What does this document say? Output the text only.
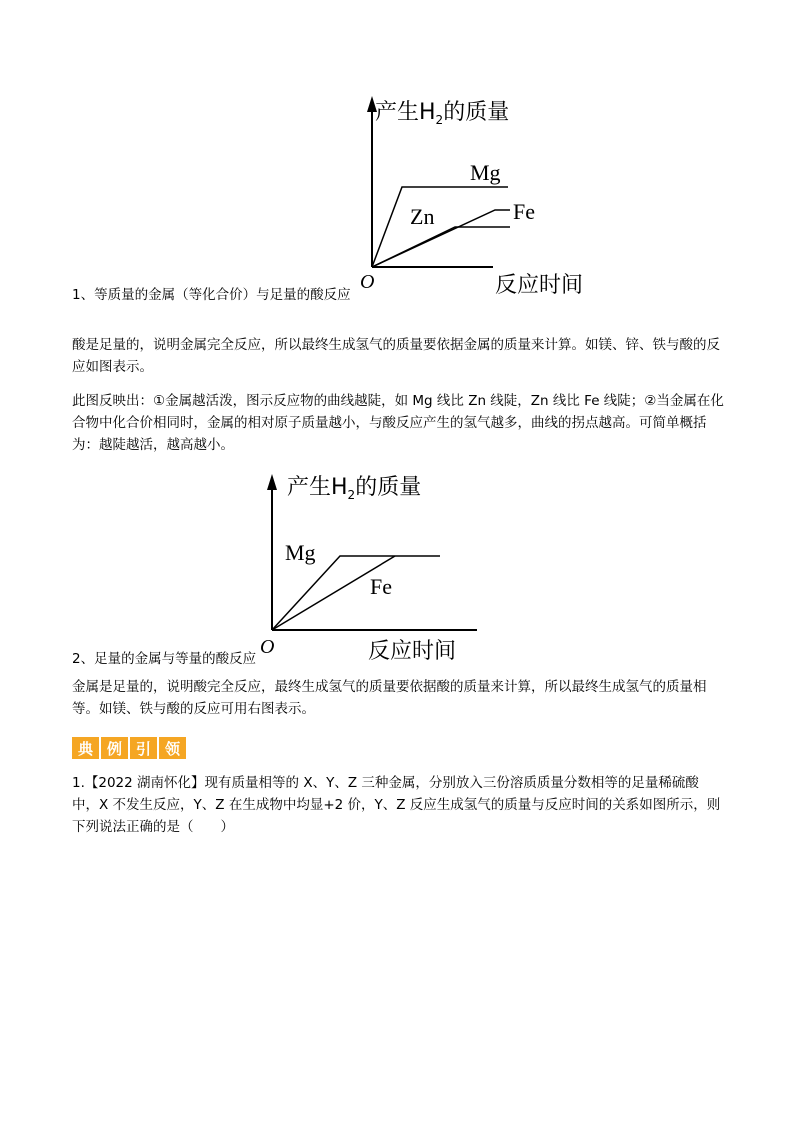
产生$H_2$的质量
反应时间
O
Mg
Zn	Fe
1、等质量的金属（等化合价）与足量的酸反应
酸是足量的，说明金属完全反应，所以最终生成氢气的质量要依据金属的质量来计算。如镁、锌、铁与酸的反应如图表示。
此图反映出：①金属越活泼，图示反应物的曲线越陡，如 Mg 线比 Zn 线陡，Zn 线比 Fe 线陡；②当金属在化合物中化合价相同时，金属的相对原子质量越小，与酸反应产生的氢气越多，曲线的拐点越高。可简单概括为：越陡越活，越高越小。
产生$H_2$的质量
反应时间
O
Mg
Fe
2、足量的金属与等量的酸反应
金属是足量的，说明酸完全反应，最终生成氢气的质量要依据酸的质量来计算，所以最终生成氢气的质量相等。如镁、铁与酸的反应可用右图表示。
典 例 引 领
1.【2022 湖南怀化】现有质量相等的 X、Y、Z 三种金属，分别放入三份溶质质量分数相等的足量稀硫酸中，X 不发生反应，Y、Z 在生成物中均显+2 价，Y、Z 反应生成氢气的质量与反应时间的关系如图所示，则下列说法正确的是（　　）
